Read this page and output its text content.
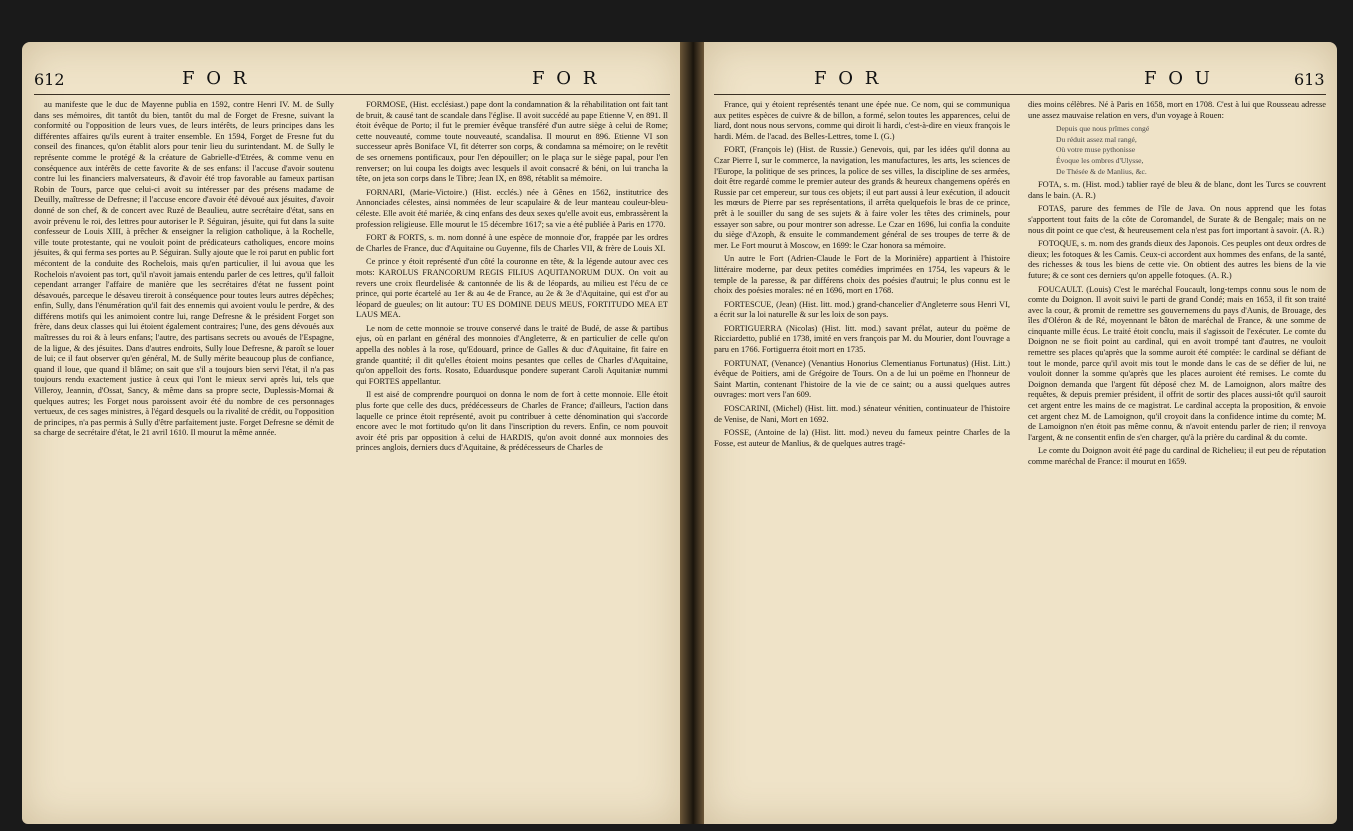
612	F O R	F O R

au manifeste que le duc de Mayenne publia en 1592, contre Henri IV. M. de Sully dans ses mémoires, dit tantôt du bien, tantôt du mal de Forget de Fresne, suivant la conformité ou l'opposition de leurs vues, de leurs intérêts, de leurs principes dans les différentes affaires qu'ils eurent à traiter ensemble. En 1594, Forget de Fresne fut du conseil des finances, qu'on établit alors pour tenir lieu du surintendant. M. de Sully le représente comme le protégé & la créature de Gabrielle-d'Etrées, & comme venu en conséquence aux intérêts de cette favorite & de ses enfans: il l'accuse d'avoir soutenu contre lui les financiers malversateurs, & d'avoir été trop favorable au fameux partisan Robin de Tours, parce que celui-ci avoit su intéresser par des présens madame de Deuilly, maîtresse de Defresne; il l'accuse encore d'avoir été dévoué aux jésuites, d'avoir donné de son chef, & de concert avec Ruzé de Beaulieu, autre secrétaire d'état, sans en avoir prévenu le roi, des lettres pour autoriser le P. Séguiran, jésuite, qui fut dans la suite confesseur de Louis XIII, à prêcher & enseigner la religion catholique, à la Rochelle, ville toute protestante, qui ne vouloit point de prédicateurs catholiques, encore moins jésuites, & qui ferma ses portes au P. Séguiran. Sully ajoute que le roi parut en public fort mécontent de la conduite des Rochelois, mais qu'en particulier, il lui avoua que les Rochelois n'avoient pas tort, qu'il n'avoit jamais entendu parler de ces lettres, qu'il falloit cependant arranger l'affaire de manière que les secrétaires d'état ne fussent point désavoués, parceque le désaveu tireroit à conséquence pour toutes leurs autres dépêches; enfin, Sully, dans l'énumération qu'il fait des ennemis qui avoient voulu le perdre, & des différens motifs qui les animoient contre lui, range Defresne & le président Forget son frère, dans deux classes qui lui étoient également contraires; l'une, des gens dévoués aux maîtresses du roi & à leurs enfans; l'autre, des partisans secrets ou avoués de l'Espagne, de la ligue, & des jésuites. Dans d'autres endroits, Sully loue Defresne, & paroît se louer de lui; ce il faut observer qu'en général, M. de Sully mérite beaucoup plus de confiance, quand il loue, que quand il blâme; on sait que s'il a toujours bien servi l'état, il n'a pas toujours rendu exactement justice à ceux qui l'ont le mieux servi après lui, tels que Villeroy, Jeannin, d'Ossat, Sancy, & même dans sa propre secte, Duplessis-Mornai & quelques autres; les Forget nous paroissent avoir été du nombre de ces personnages vertueux, de ces sages ministres, à l'égard desquels ou la rivalité de crédit, ou l'opposition de principes, n'a pas permis à Sully d'être parfaitement juste. Forget Defresne se démit de sa charge de secrétaire d'état, le 21 avril 1610. Il mourut la même année.

FORMOSE, (Hist. ecclésiast.) pape dont la condamnation & la réhabilitation ont fait tant de bruit, & causé tant de scandale dans l'église. Il avoit succédé au pape Etienne V, en 891. Il étoit évêque de Porto; il fut le premier évêque transféré d'un autre siège à celui de Rome; cette nouveauté, comme toute nouveauté, scandalisa. Il mourut en 896. Etienne VI son successeur après Boniface VI, fit déterrer son corps, & condamna sa mémoire; on le revêtit de ses ornemens pontificaux, pour l'en dépouiller; on le plaça sur le siège papal, pour l'en renverser; on lui coupa les doigts avec lesquels il avoit consacré & béni, on lui trancha la tête, on jeta son corps dans le Tibre; Jean IX, en 898, rétablit sa mémoire.

FORNARI, (Marie-Victoire.) (Hist. ecclés.) née à Gênes en 1562, institutrice des Annonciades célestes, ainsi nommées de leur scapulaire & de leur manteau couleur-bleu-céleste. Elle avoit été mariée, & cinq enfans des deux sexes qu'elle avoit eus, embrassèrent la profession religieuse. Elle mourut le 15 décembre 1617; sa vie a été publiée à Paris en 1770.

FORT & FORTS, s. m. nom donné à une espèce de monnoie d'or, frappée par les ordres de Charles de France, duc d'Aquitaine ou Guyenne, fils de Charles VII, & frère de Louis XI.

Ce prince y étoit représenté d'un côté la couronne en tête, & la légende autour avec ces mots: KAROLUS FRANCORUM REGIS FILIUS AQUITANORUM DUX. On voit au revers une croix fleurdelisée & cantonnée de lis & de léopards, au milieu est l'écu de ce prince, qui porte écartelé au 1er & au 4e de France, au 2e & 3e d'Aquitaine, qui est d'or au léopard de gueules; on lit autour: TU ES DOMINE DEUS MEUS, FORTITUDO MEA ET LAUS MEA.

Le nom de cette monnoie se trouve conservé dans le traité de Budé, de asse & partibus ejus, où en parlant en général des monnoies d'Angleterre, & en particulier de celle qu'on appella des nobles à la rose, qu'Edouard, prince de Galles & duc d'Aquitaine, fit faire en grande quantité; il dit qu'elles étoient moins pesantes que celles de Charles d'Aquitaine, qu'on appelloit des forts. Rosato, Eduardusque pondere superant Caroli Aquitaniæ nummi qui FORTES appellantur.

Il est aisé de comprendre pourquoi on donna le nom de fort à cette monnoie. Elle étoit plus forte que celle des ducs, prédécesseurs de Charles de France; d'ailleurs, l'action dans laquelle ce prince étoit représenté, avoit pu contribuer à cette dénomination qui s'accorde encore avec le mot fortitudo qu'on lit dans l'inscription du revers. Enfin, ce nom pouvoit avoir été pris par opposition à celui de HARDIS, qu'on avoit donné aux monnoies des princes anglois, derniers ducs d'Aquitaine, & prédécesseurs de Charles de

F O R	F O U	613

France, qui y étoient représentés tenant une épée nue. Ce nom, qui se communiqua aux petites espèces de cuivre & de billon, a formé, selon toutes les apparences, celui de liard, dont nous nous servons, comme qui diroit li hardi, c'est-à-dire en vieux françois le hardi. Mém. de l'acad. des Belles-Lettres, tome I. (G.)

FORT, (François le) (Hist. de Russie.) Genevois, qui, par les idées qu'il donna au Czar Pierre I, sur le commerce, la navigation, les manufactures, les arts, les sciences de l'Europe, la politique de ses princes, la police de ses villes, la discipline de ses armées, doit être regardé comme le premier auteur des grands & heureux changemens opérés en Russie par cet empereur, sur tous ces objets; il eut part aussi à leur exécution, il adoucit les mœurs de Pierre par ses représentations, il arrêta quelquefois le bras de ce prince, prêt à le souiller du sang de ses sujets & à faire voler les têtes des criminels, pour essayer son sabre, ou pour montrer son adresse. Le Czar en 1696, lui confia la conduite du siège d'Azoph, & ensuite le commandement général de ses troupes de terre & de mer. Le Fort mourut à Moscow, en 1699: le Czar honora sa mémoire.

Un autre le Fort (Adrien-Claude le Fort de la Morinière) appartient à l'histoire littéraire moderne, par deux petites comédies imprimées en 1754, les vapeurs & le temple de la paresse, & par différens choix des poésies d'autrui; le plus connu est le choix des poésies morales: né en 1696, mort en 1768.

FORTESCUE, (Jean) (Hist. litt. mod.) grand-chancelier d'Angleterre sous Henri VI, a écrit sur la loi naturelle & sur les loix de son pays.

FORTIGUERRA (Nicolas) (Hist. litt. mod.) savant prélat, auteur du poëme de Ricciardetto, publié en 1738, imité en vers françois par M. du Mourier, dont l'ouvrage a paru en 1766. Fortiguerra étoit mort en 1735.

FORTUNAT, (Venance) (Venantius Honorius Clementianus Fortunatus) (Hist. Litt.) évêque de Poitiers, ami de Grégoire de Tours. On a de lui un poëme en l'honneur de Saint Martin, contenant l'histoire de la vie de ce saint; ou a aussi quelques autres ouvrages: mort vers l'an 609.

FOSCARINI, (Michel) (Hist. litt. mod.) sénateur vénitien, continuateur de l'histoire de Venise, de Nani, Mort en 1692.

FOSSE, (Antoine de la) (Hist. litt. mod.) neveu du fameux peintre Charles de la Fosse, est auteur de Manlius, & de quelques autres tragé-

dies moins célèbres. Né à Paris en 1658, mort en 1708. C'est à lui que Rousseau adresse une assez mauvaise relation en vers, d'un voyage à Rouen:

Depuis que nous prîmes congé
Du réduit assez mal rangé,
Où votre muse pythonisse
Évoque les ombres d'Ulysse,
De Thésée & de Manlius, &c.

FOTA, s. m. (Hist. mod.) tablier rayé de bleu & de blanc, dont les Turcs se couvrent dans le bain. (A. R.)

FOTAS, parure des femmes de l'île de Java. On nous apprend que les fotas s'apportent tout faits de la côte de Coromandel, de Surate & de Bengale; mais on ne nous dit point ce que c'est, & heureusement cela n'est pas fort important à savoir. (A. R.)

FOTOQUE, s. m. nom des grands dieux des Japonois. Ces peuples ont deux ordres de dieux; les fotoques & les Camis. Ceux-ci accordent aux hommes des enfans, de la santé, des richesses & tous les biens de cette vie. On obtient des autres les biens de la vie future; & ce sont ces derniers qu'on appelle fotoques. (A. R.)

FOUCAULT. (Louis) C'est le maréchal Foucault, long-temps connu sous le nom de comte du Doignon. Il avoit suivi le parti de grand Condé; mais en 1653, il fit son traité avec la cour, & promit de remettre ses gouvernemens du pays d'Aunis, de Brouage, des îles d'Oléron & de Ré, moyennant le bâton de maréchal de France, & une somme de cinquante mille écus. Le traité étoit conclu, mais il s'agissoit de l'exécuter. Le comte du Doignon ne se fioit point au cardinal, qui en avoit trompé tant d'autres, ne vouloit remettre ses places qu'après que la somme auroit été comptée: le cardinal se défiant de tout le monde, parce qu'il avoit mis tout le monde dans le cas de se défier de lui, ne vouloit donner la somme qu'après que les places auroient été remises. Le comte du Doignon demanda que l'argent fût déposé chez M. de Lamoignon, alors maître des requêtes, & depuis premier président, il offrit de sortir des places aussi-tôt qu'il sauroit cet argent entre les mains de ce magistrat. Le cardinal accepta la proposition, & envoie cet argent chez M. de Lamoignon, qu'il croyoit dans la confidence intime du comte; M. de Lamoignon n'en étoit pas même connu, & n'avoit entendu parler de rien; il renvoya l'argent, & ne consentit enfin de s'en charger, qu'à la prière du cardinal & du comte.

Le comte du Doignon avoit été page du cardinal de Richelieu; il eut peu de réputation comme maréchal de France: il mourut en 1659.
